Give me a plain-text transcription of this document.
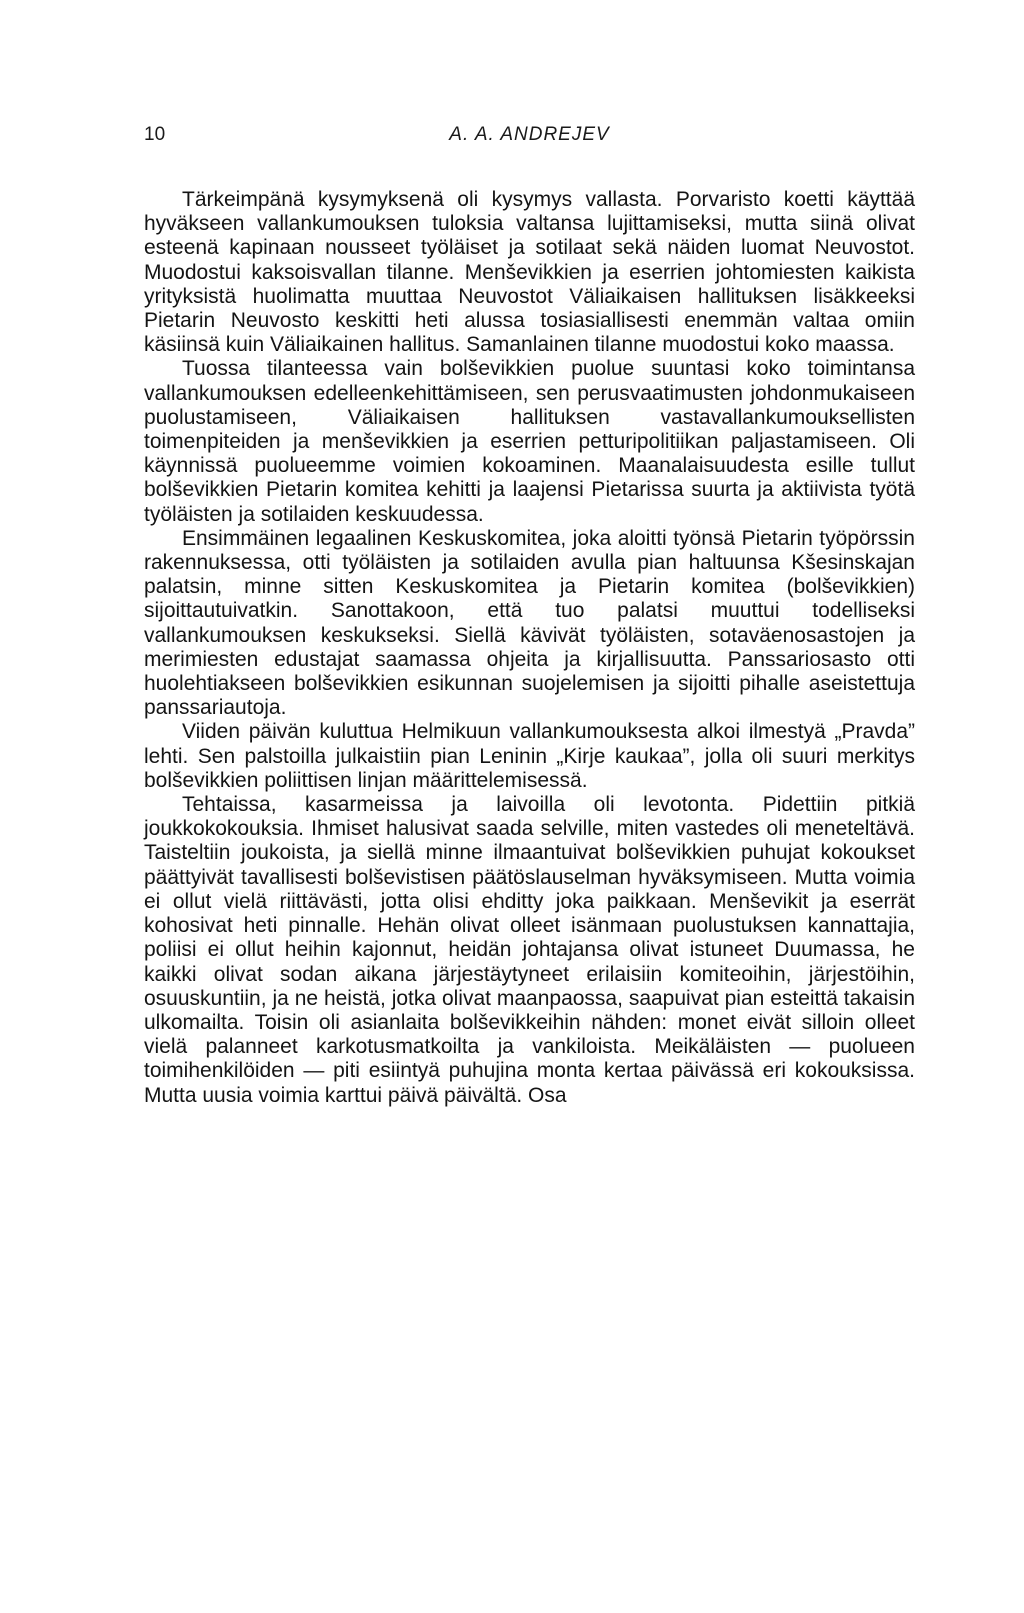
10	A. A. ANDREJEV

Tärkeimpänä kysymyksenä oli kysymys vallasta. Porvaristo koetti käyttää hyväkseen vallankumouksen tuloksia valtansa lujittamiseksi, mutta siinä olivat esteenä kapinaan nousseet työläiset ja sotilaat sekä näiden luomat Neuvostot. Muodostui kaksoisvallan tilanne. Menševikkien ja eserrien johtomiesten kaikista yrityksistä huolimatta muuttaa Neuvostot Väliaikaisen hallituksen lisäkkeeksi Pietarin Neuvosto keskitti heti alussa tosiasiallisesti enemmän valtaa omiin käsiinsä kuin Väliaikainen hallitus. Samanlainen tilanne muodostui koko maassa.

Tuossa tilanteessa vain bolševikkien puolue suuntasi koko toimintansa vallankumouksen edelleenkehittämiseen, sen perusvaatimusten johdonmukaiseen puolustamiseen, Väliaikaisen hallituksen vastavallankumouksellisten toimenpiteiden ja menševikkien ja eserrien petturipolitiikan paljastamiseen. Oli käynnissä puolueemme voimien kokoaminen. Maanalaisuudesta esille tullut bolševikkien Pietarin komitea kehitti ja laajensi Pietarissa suurta ja aktiivista työtä työläisten ja sotilaiden keskuudessa.

Ensimmäinen legaalinen Keskuskomitea, joka aloitti työnsä Pietarin työpörssin rakennuksessa, otti työläisten ja sotilaiden avulla pian haltuunsa Kšesinskajan palatsin, minne sitten Keskuskomitea ja Pietarin komitea (bolševikkien) sijoittautuivatkin. Sanottakoon, että tuo palatsi muuttui todelliseksi vallankumouksen keskukseksi. Siellä kävivät työläisten, sotaväenosastojen ja merimiesten edustajat saamassa ohjeita ja kirjallisuutta. Panssariosasto otti huolehtiakseen bolševikkien esikunnan suojelemisen ja sijoitti pihalle aseistettuja panssariautoja.

Viiden päivän kuluttua Helmikuun vallankumouksesta alkoi ilmestyä „Pravda” lehti. Sen palstoilla julkaistiin pian Leninin „Kirje kaukaa”, jolla oli suuri merkitys bolševikkien poliittisen linjan määrittelemisessä.

Tehtaissa, kasarmeissa ja laivoilla oli levotonta. Pidettiin pitkiä joukkokokouksia. Ihmiset halusivat saada selville, miten vastedes oli meneteltävä. Taisteltiin joukoista, ja siellä minne ilmaantuivat bolševikkien puhujat kokoukset päättyivät tavallisesti bolševistisen päätöslauselman hyväksymiseen. Mutta voimia ei ollut vielä riittävästi, jotta olisi ehditty joka paikkaan. Menševikit ja eserrät kohosivat heti pinnalle. Hehän olivat olleet isänmaan puolustuksen kannattajia, poliisi ei ollut heihin kajonnut, heidän johtajansa olivat istuneet Duumassa, he kaikki olivat sodan aikana järjestäytyneet erilaisiin komiteoihin, järjestöihin, osuuskuntiin, ja ne heistä, jotka olivat maanpaossa, saapuivat pian esteittä takaisin ulkomailta. Toisin oli asianlaita bolševikkeihin nähden: monet eivät silloin olleet vielä palanneet karkotusmatkoilta ja vankiloista. Meikäläisten — puolueen toimihenkilöiden — piti esiintyä puhujina monta kertaa päivässä eri kokouksissa. Mutta uusia voimia karttui päivä päivältä. Osa
